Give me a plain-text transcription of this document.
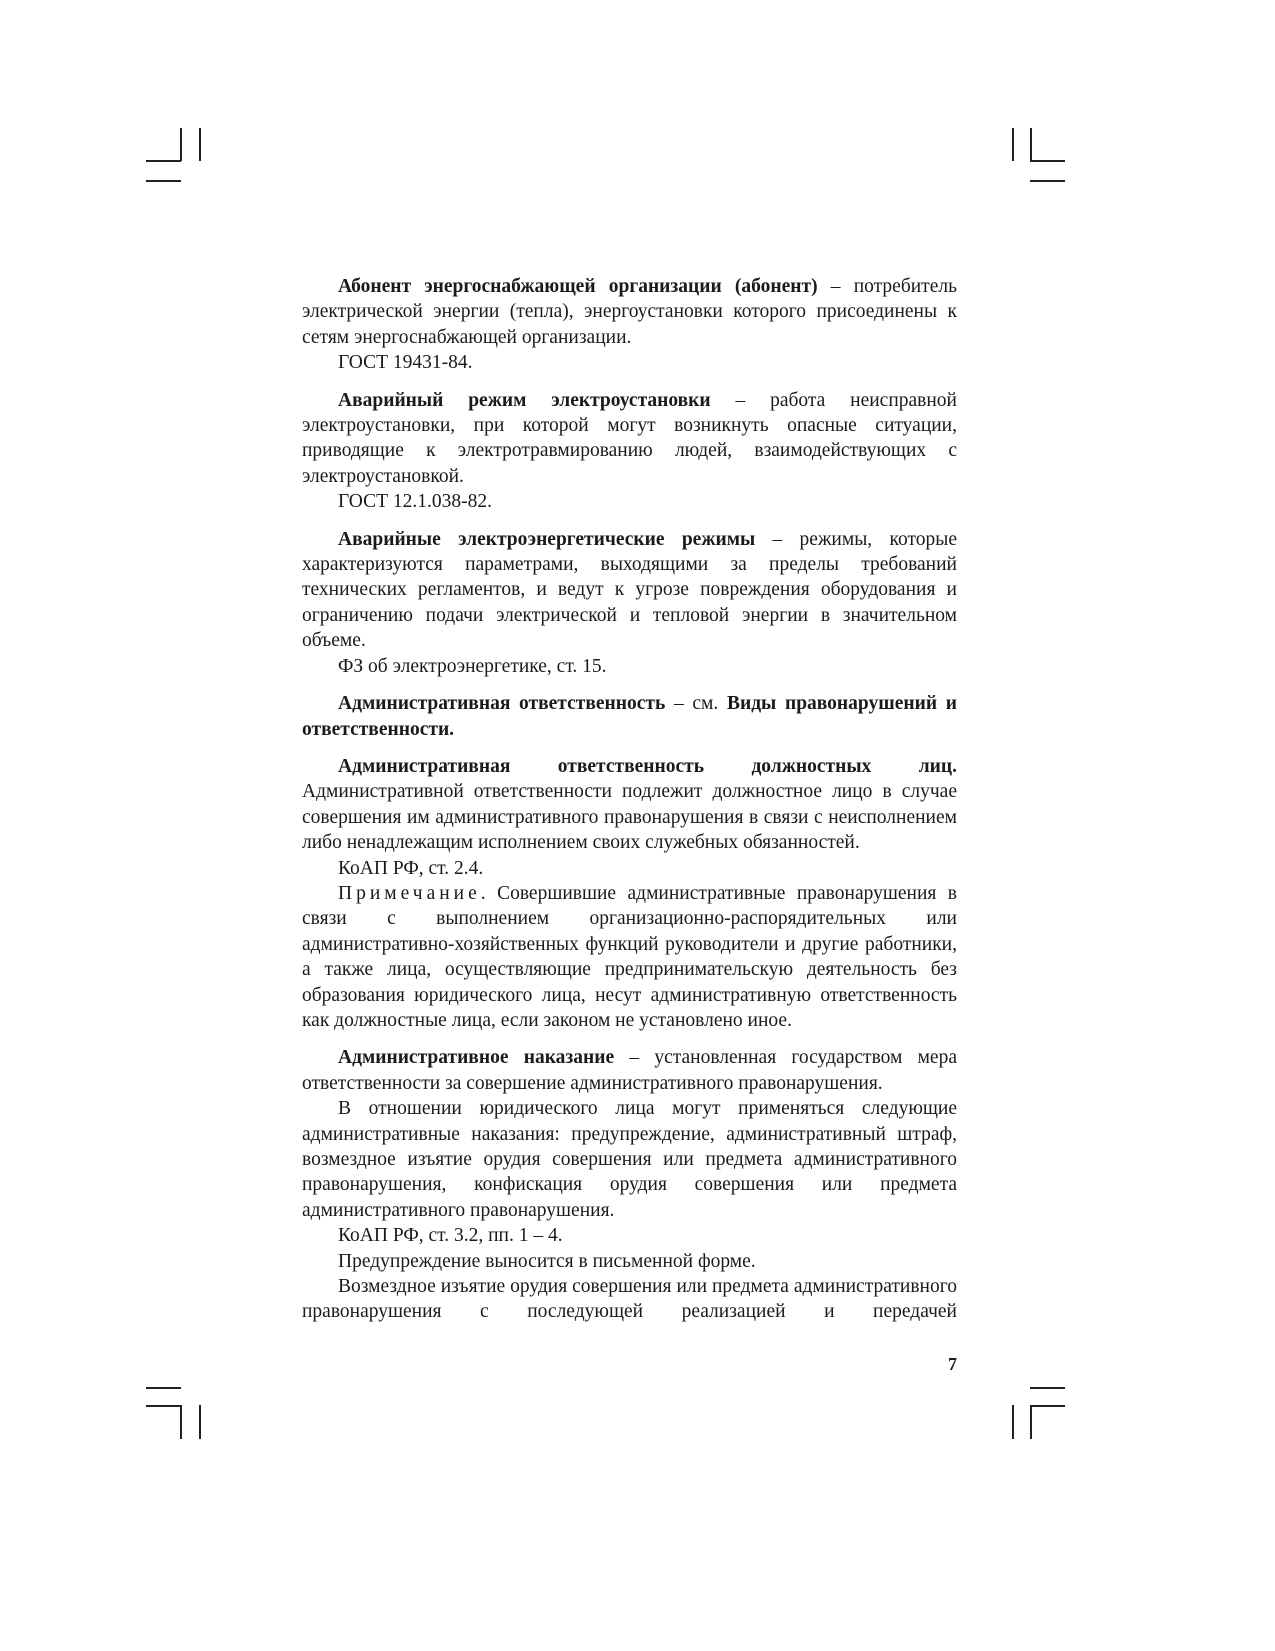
Абонент энергоснабжающей организации (абонент) – потребитель электрической энергии (тепла), энергоустановки которого присоединены к сетям энергоснабжающей организации.

ГОСТ 19431-84.

Аварийный режим электроустановки – работа неисправной электроустановки, при которой могут возникнуть опасные ситуации, приводящие к электротравмированию людей, взаимодействующих с электроустановкой.

ГОСТ 12.1.038-82.

Аварийные электроэнергетические режимы – режимы, которые характеризуются параметрами, выходящими за пределы требований технических регламентов, и ведут к угрозе повреждения оборудования и ограничению подачи электрической и тепловой энергии в значительном объеме.

ФЗ об электроэнергетике, ст. 15.

Административная ответственность – см. Виды правонарушений и ответственности.

Административная ответственность должностных лиц. Административной ответственности подлежит должностное лицо в случае совершения им административного правонарушения в связи с неисполнением либо ненадлежащим исполнением своих служебных обязанностей.

КоАП РФ, ст. 2.4.

Примечание. Совершившие административные правонарушения в связи с выполнением организационно-распорядительных или административно-хозяйственных функций руководители и другие работники, а также лица, осуществляющие предпринимательскую деятельность без образования юридического лица, несут административную ответственность как должностные лица, если законом не установлено иное.

Административное наказание – установленная государством мера ответственности за совершение административного правонарушения.

В отношении юридического лица могут применяться следующие административные наказания: предупреждение, административный штраф, возмездное изъятие орудия совершения или предмета административного правонарушения, конфискация орудия совершения или предмета административного правонарушения.

КоАП РФ, ст. 3.2, пп. 1 – 4.

Предупреждение выносится в письменной форме.

Возмездное изъятие орудия совершения или предмета административного правонарушения с последующей реализацией и передачей

7
